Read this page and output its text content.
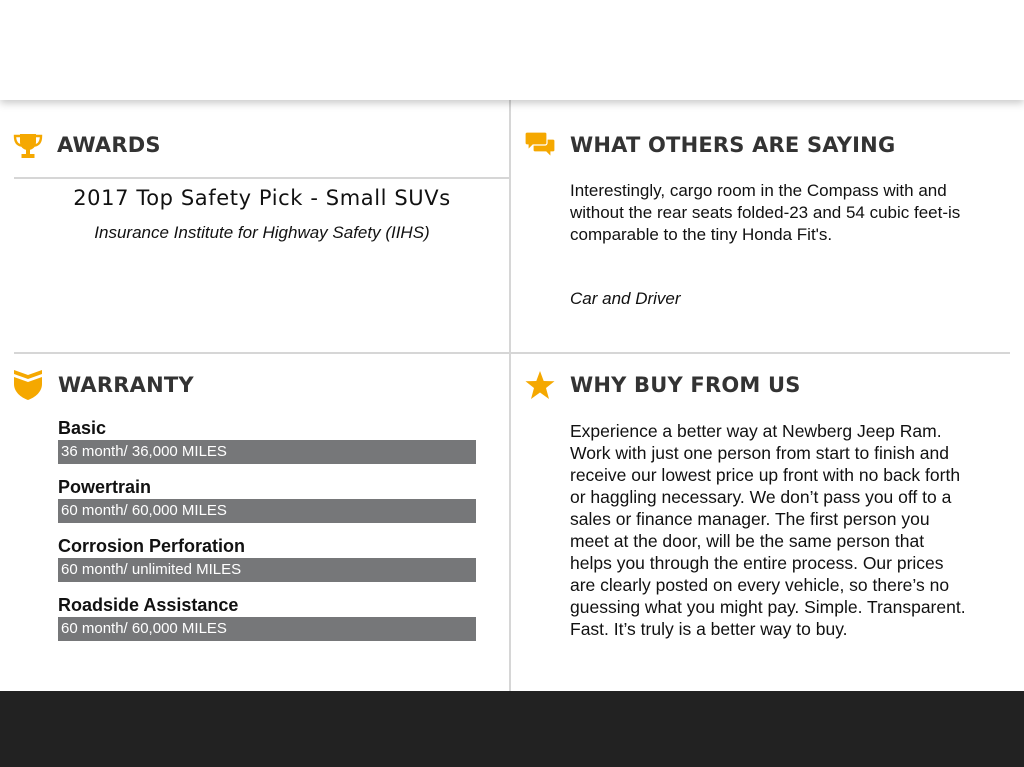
AWARDS
2017 Top Safety Pick - Small SUVs
Insurance Institute for Highway Safety (IIHS)
WHAT OTHERS ARE SAYING
Interestingly, cargo room in the Compass with and without the rear seats folded-23 and 54 cubic feet-is comparable to the tiny Honda Fit's.
Car and Driver
WARRANTY
Basic
36 month/ 36,000 MILES
Powertrain
60 month/ 60,000 MILES
Corrosion Perforation
60 month/ unlimited MILES
Roadside Assistance
60 month/ 60,000 MILES
WHY BUY FROM US
Experience a better way at Newberg Jeep Ram. Work with just one person from start to finish and receive our lowest price up front with no back forth or haggling necessary. We don’t pass you off to a sales or finance manager. The first person you meet at the door, will be the same person that helps you through the entire process. Our prices are clearly posted on every vehicle, so there’s no guessing what you might pay. Simple. Transparent. Fast. It’s truly is a better way to buy.
